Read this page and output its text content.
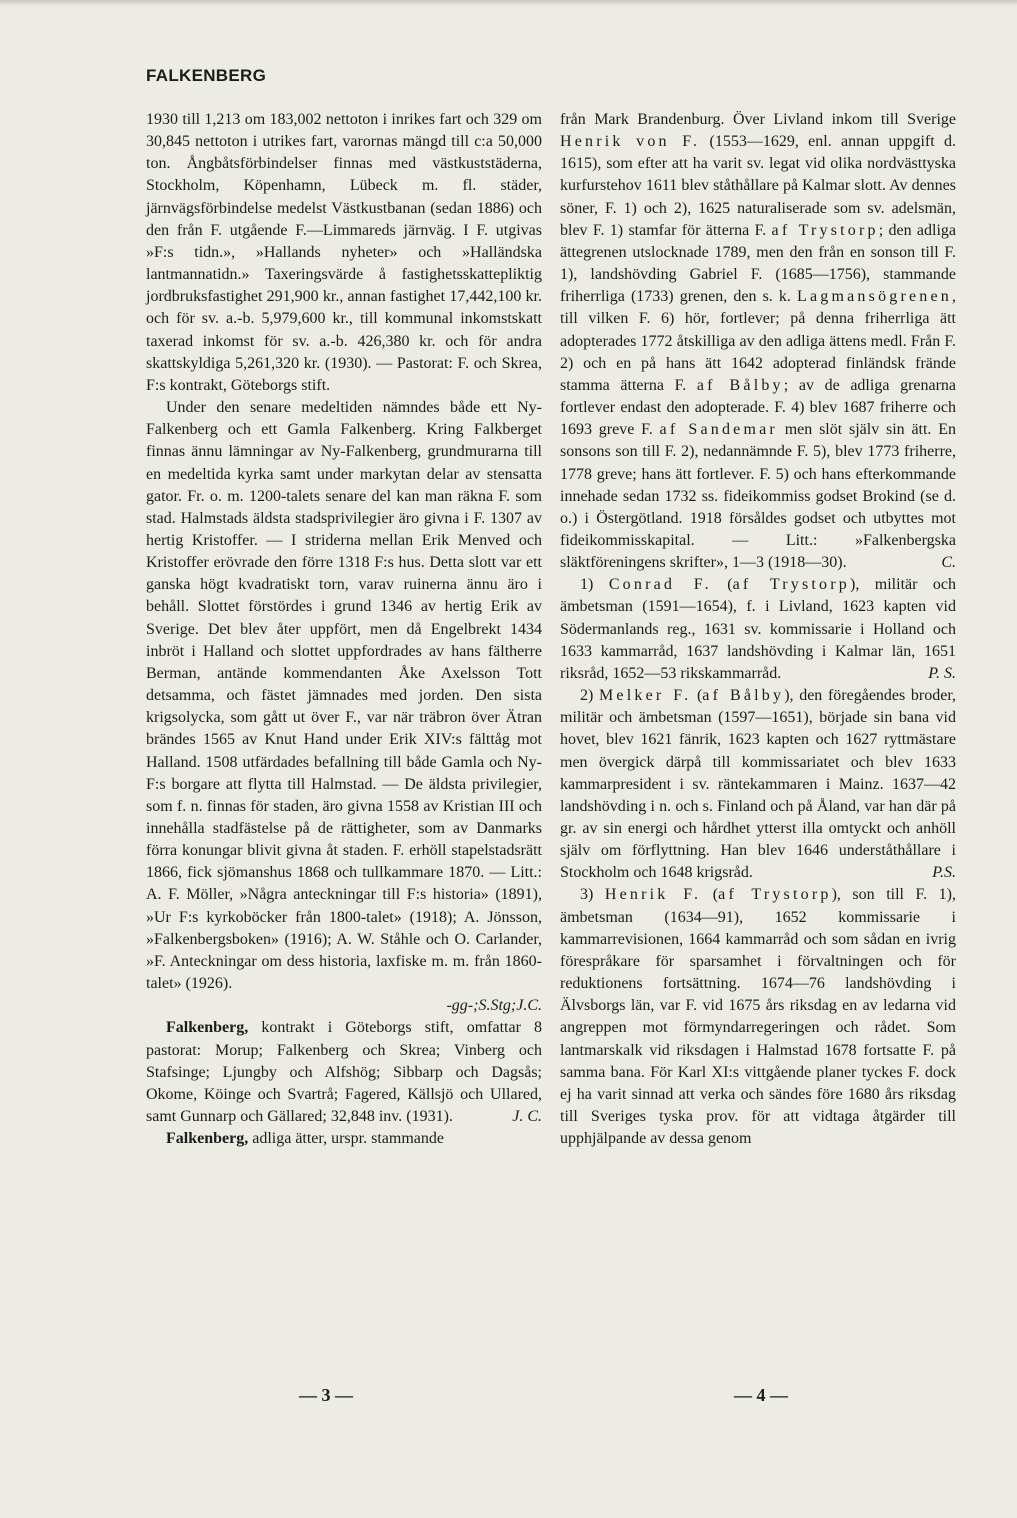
FALKENBERG

1930 till 1,213 om 183,002 nettoton i inrikes fart och 329 om 30,845 nettoton i utrikes fart, varornas mängd till c:a 50,000 ton. Ångbåtsförbindelser finnas med västkuststäderna, Stockholm, Köpenhamn, Lübeck m. fl. städer, järnvägsförbindelse medelst Västkustbanan (sedan 1886) och den från F. utgående F.—Limmareds järnväg. I F. utgivas »F:s tidn.», »Hallands nyheter» och »Halländska lantmannatidn.» Taxeringsvärde å fastighetsskattepliktig jordbruksfastighet 291,900 kr., annan fastighet 17,442,100 kr. och för sv. a.-b. 5,979,600 kr., till kommunal inkomstskatt taxerad inkomst för sv. a.-b. 426,380 kr. och för andra skattskyldiga 5,261,320 kr. (1930). — Pastorat: F. och Skrea, F:s kontrakt, Göteborgs stift.

Under den senare medeltiden nämndes både ett Ny-Falkenberg och ett Gamla Falkenberg. Kring Falkberget finnas ännu lämningar av Ny-Falkenberg, grundmurarna till en medeltida kyrka samt under markytan delar av stensatta gator. Fr. o. m. 1200-talets senare del kan man räkna F. som stad. Halmstads äldsta stadsprivilegier äro givna i F. 1307 av hertig Kristoffer. — I striderna mellan Erik Menved och Kristoffer erövrade den förre 1318 F:s hus. Detta slott var ett ganska högt kvadratiskt torn, varav ruinerna ännu äro i behåll. Slottet förstördes i grund 1346 av hertig Erik av Sverige. Det blev åter uppfört, men då Engelbrekt 1434 inbröt i Halland och slottet uppfordrades av hans fältherre Berman, antände kommendanten Åke Axelsson Tott detsamma, och fästet jämnades med jorden. Den sista krigsolycka, som gått ut över F., var när träbron över Ätran brändes 1565 av Knut Hand under Erik XIV:s fälttåg mot Halland. 1508 utfärdades befallning till både Gamla och Ny-F:s borgare att flytta till Halmstad. — De äldsta privilegier, som f. n. finnas för staden, äro givna 1558 av Kristian III och innehålla stadfästelse på de rättigheter, som av Danmarks förra konungar blivit givna åt staden. F. erhöll stapelstadsrätt 1866, fick sjömanshus 1868 och tullkammare 1870. — Litt.: A. F. Möller, »Några anteckningar till F:s historia» (1891), »Ur F:s kyrkoböcker från 1800-talet» (1918); A. Jönsson, »Falkenbergsboken» (1916); A. W. Ståhle och O. Carlander, »F. Anteckningar om dess historia, laxfiske m. m. från 1860-talet» (1926).

-gg-;S.Stg;J.C.

Falkenberg, kontrakt i Göteborgs stift, omfattar 8 pastorat: Morup; Falkenberg och Skrea; Vinberg och Stafsinge; Ljungby och Alfshög; Sibbarp och Dagsås; Okome, Köinge och Svartrå; Fagered, Källsjö och Ullared, samt Gunnarp och Gällared; 32,848 inv. (1931).	J. C.

Falkenberg, adliga ätter, urspr. stammande

från Mark Brandenburg. Över Livland inkom till Sverige Henrik von F. (1553—1629, enl. annan uppgift d. 1615), som efter att ha varit sv. legat vid olika nordvästtyska kurfurstehov 1611 blev ståthållare på Kalmar slott. Av dennes söner, F. 1) och 2), 1625 naturaliserade som sv. adelsmän, blev F. 1) stamfar för ätterna F. af Trystorp; den adliga ättegrenen utslocknade 1789, men den från en sonson till F. 1), landshövding Gabriel F. (1685—1756), stammande friherrliga (1733) grenen, den s. k. Lagmansögrenen, till vilken F. 6) hör, fortlever; på denna friherrliga ätt adopterades 1772 åtskilliga av den adliga ättens medl. Från F. 2) och en på hans ätt 1642 adopterad finländsk frände stamma ätterna F. af Bålby; av de adliga grenarna fortlever endast den adopterade. F. 4) blev 1687 friherre och 1693 greve F. af Sandemar men slöt själv sin ätt. En sonsons son till F. 2), nedannämnde F. 5), blev 1773 friherre, 1778 greve; hans ätt fortlever. F. 5) och hans efterkommande innehade sedan 1732 ss. fideikommiss godset Brokind (se d. o.) i Östergötland. 1918 försåldes godset och utbyttes mot fideikommisskapital. — Litt.: »Falkenbergska släktföreningens skrifter», 1—3 (1918—30).	C.

1) Conrad F. (af Trystorp), militär och ämbetsman (1591—1654), f. i Livland, 1623 kapten vid Södermanlands reg., 1631 sv. kommissarie i Holland och 1633 kammarråd, 1637 landshövding i Kalmar län, 1651 riksråd, 1652—53 rikskammarråd.	P. S.

2) Melker F. (af Bålby), den föregåendes broder, militär och ämbetsman (1597—1651), började sin bana vid hovet, blev 1621 fänrik, 1623 kapten och 1627 ryttmästare men övergick därpå till kommissariatet och blev 1633 kammarpresident i sv. räntekammaren i Mainz. 1637—42 landshövding i n. och s. Finland och på Åland, var han där på gr. av sin energi och hårdhet ytterst illa omtyckt och anhöll själv om förflyttning. Han blev 1646 underståthållare i Stockholm och 1648 krigsråd.	P.S.

3) Henrik F. (af Trystorp), son till F. 1), ämbetsman (1634—91), 1652 kommissarie i kammarrevisionen, 1664 kammarråd och som sådan en ivrig förespråkare för sparsamhet i förvaltningen och för reduktionens fortsättning. 1674—76 landshövding i Älvsborgs län, var F. vid 1675 års riksdag en av ledarna vid angreppen mot förmyndarregeringen och rådet. Som lantmarskalk vid riksdagen i Halmstad 1678 fortsatte F. på samma bana. För Karl XI:s vittgående planer tyckes F. dock ej ha varit sinnad att verka och sändes före 1680 års riksdag till Sveriges tyska prov. för att vidtaga åtgärder till upphjälpande av dessa genom

— 3 —	— 4 —
